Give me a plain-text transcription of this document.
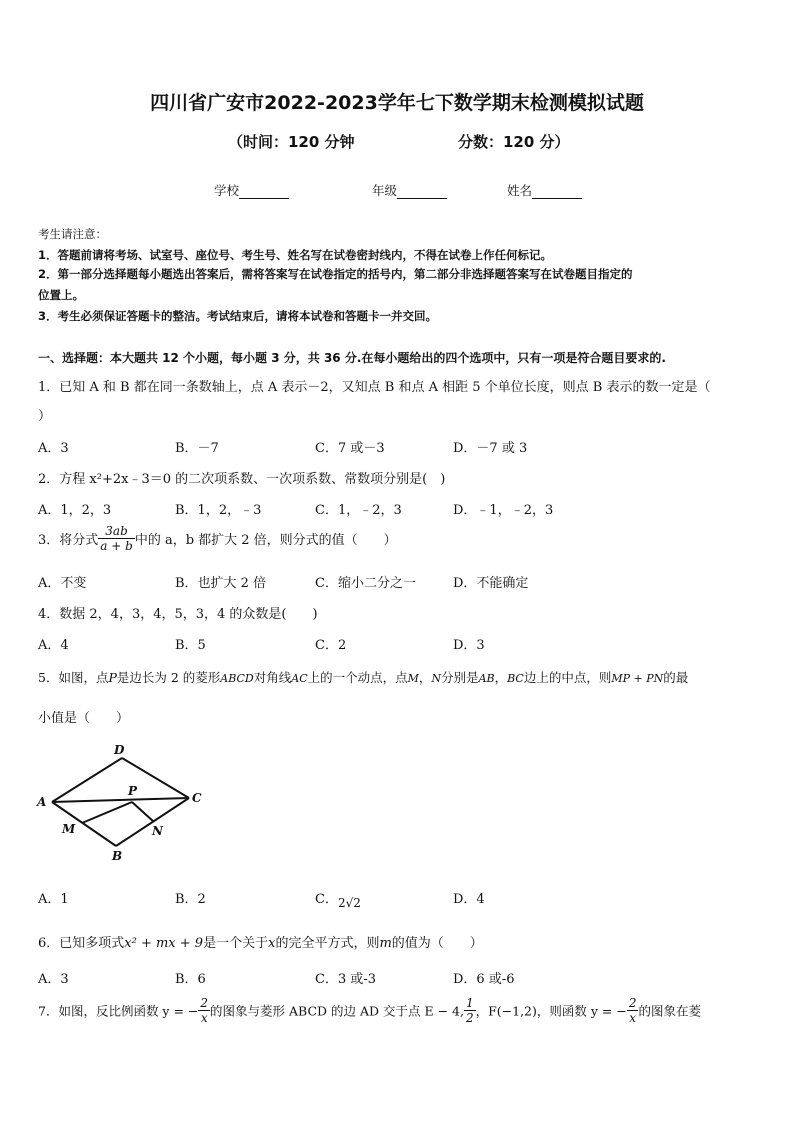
四川省广安市2022-2023学年七下数学期末检测模拟试题
（时间：120 分钟	分数：120 分）
学校	年级	姓名
考生请注意：
1．答题前请将考场、试室号、座位号、考生号、姓名写在试卷密封线内，不得在试卷上作任何标记。
2．第一部分选择题每小题选出答案后，需将答案写在试卷指定的括号内，第二部分非选择题答案写在试卷题目指定的
位置上。
3．考生必须保证答题卡的整洁。考试结束后，请将本试卷和答题卡一并交回。
一、选择题：本大题共 12 个小题，每小题 3 分，共 36 分.在每小题给出的四个选项中，只有一项是符合题目要求的.
1．已知 A 和 B 都在同一条数轴上，点 A 表示－2，又知点 B 和点 A 相距 5 个单位长度，则点 B 表示的数一定是（
）
A．3	B．－7	C．7 或－3	D．－7 或 3
2．方程 x²+2x﹣3＝0 的二次项系数、一次项系数、常数项分别是(　)
A．1，2，3	B．1，2，﹣3	C．1，﹣2，3	D．﹣1，﹣2，3
3．将分式 $\frac{3ab}{a + b}$ 中的 a，b 都扩大 2 倍，则分式的值（　　）
A．不变	B．也扩大 2 倍	C．缩小二分之一	D．不能确定
4．数据 2，4，3，4，5，3，4 的众数是(　　)
A．4	B．5	C．2	D．3
5．如图，点P是边长为 2 的菱形ABCD对角线AC上的一个动点，点M，N分别是AB，BC边上的中点，则MP + PN的最
小值是（　　）
D
A	C
P
M	N
B
A．1	B．2	C．2√2	D．4
6．已知多项式x² + mx + 9是一个关于x的完全平方式，则m的值为（　　）
A．3	B．6	C．3 或-3	D．6 或-6
7．如图，反比例函数 y = − $\frac{2}{x}$ 的图象与菱形 ABCD 的边 AD 交于点 E − 4, $\frac{1}{2}$ ，F(−1,2)，则函数 y = − $\frac{2}{x}$ 的图象在菱
